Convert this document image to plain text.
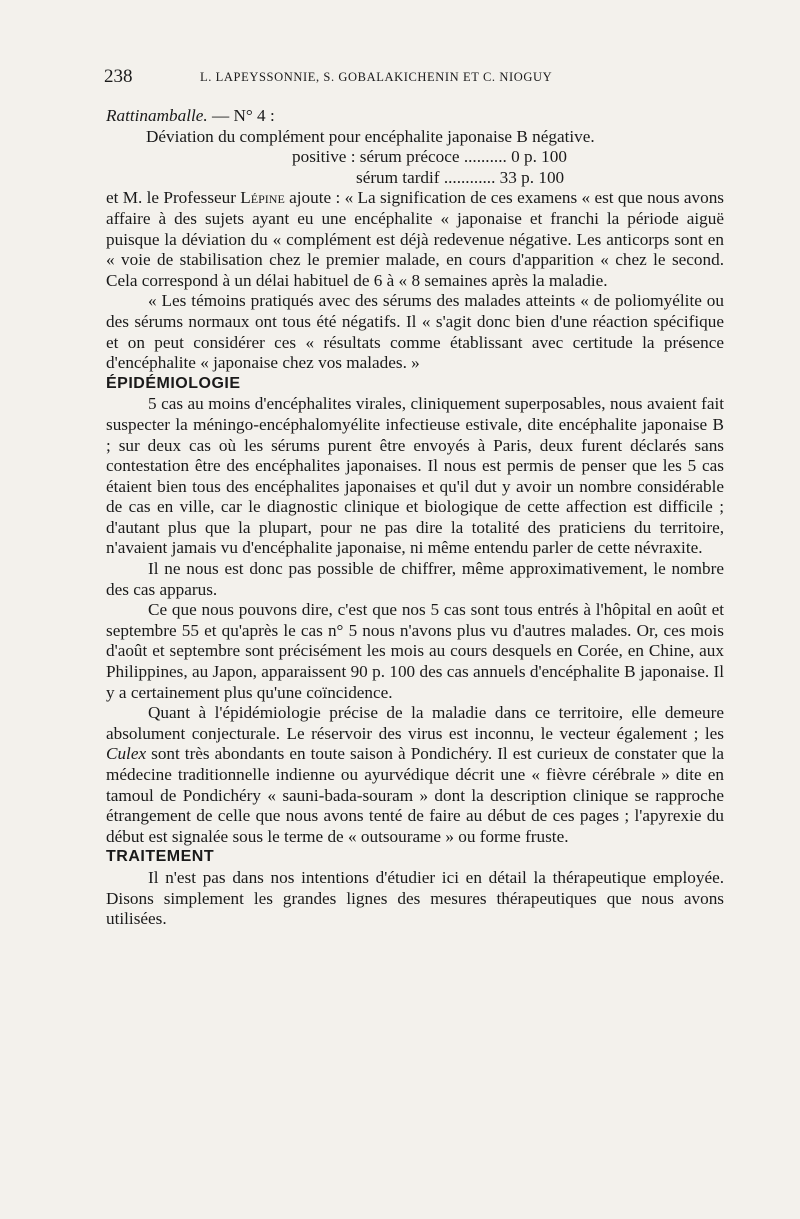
238	L. LAPEYSSONNIE, S. GOBALAKICHENIN ET C. NIOGUY

Rattinamballe. — N° 4 :

Déviation du complément pour encéphalite japonaise B négative.

positive : sérum précoce .......... 0 p. 100

sérum tardif ............ 33 p. 100

et M. le Professeur Lépine ajoute : « La signification de ces examens « est que nous avons affaire à des sujets ayant eu une encéphalite « japonaise et franchi la période aiguë puisque la déviation du « complément est déjà redevenue négative. Les anticorps sont en « voie de stabilisation chez le premier malade, en cours d'apparition « chez le second. Cela correspond à un délai habituel de 6 à « 8 semaines après la maladie.

« Les témoins pratiqués avec des sérums des malades atteints « de poliomyélite ou des sérums normaux ont tous été négatifs. Il « s'agit donc bien d'une réaction spécifique et on peut considérer ces « résultats comme établissant avec certitude la présence d'encéphalite « japonaise chez vos malades. »

ÉPIDÉMIOLOGIE

5 cas au moins d'encéphalites virales, cliniquement superposables, nous avaient fait suspecter la méningo-encéphalomyélite infectieuse estivale, dite encéphalite japonaise B ; sur deux cas où les sérums purent être envoyés à Paris, deux furent déclarés sans contestation être des encéphalites japonaises. Il nous est permis de penser que les 5 cas étaient bien tous des encéphalites japonaises et qu'il dut y avoir un nombre considérable de cas en ville, car le diagnostic clinique et biologique de cette affection est difficile ; d'autant plus que la plupart, pour ne pas dire la totalité des praticiens du territoire, n'avaient jamais vu d'encéphalite japonaise, ni même entendu parler de cette névraxite.

Il ne nous est donc pas possible de chiffrer, même approximativement, le nombre des cas apparus.

Ce que nous pouvons dire, c'est que nos 5 cas sont tous entrés à l'hôpital en août et septembre 55 et qu'après le cas n° 5 nous n'avons plus vu d'autres malades. Or, ces mois d'août et septembre sont précisément les mois au cours desquels en Corée, en Chine, aux Philippines, au Japon, apparaissent 90 p. 100 des cas annuels d'encéphalite B japonaise. Il y a certainement plus qu'une coïncidence.

Quant à l'épidémiologie précise de la maladie dans ce territoire, elle demeure absolument conjecturale. Le réservoir des virus est inconnu, le vecteur également ; les Culex sont très abondants en toute saison à Pondichéry. Il est curieux de constater que la médecine traditionnelle indienne ou ayurvédique décrit une « fièvre cérébrale » dite en tamoul de Pondichéry « sauni-bada-souram » dont la description clinique se rapproche étrangement de celle que nous avons tenté de faire au début de ces pages ; l'apyrexie du début est signalée sous le terme de « outsourame » ou forme fruste.

TRAITEMENT

Il n'est pas dans nos intentions d'étudier ici en détail la thérapeutique employée. Disons simplement les grandes lignes des mesures thérapeutiques que nous avons utilisées.
